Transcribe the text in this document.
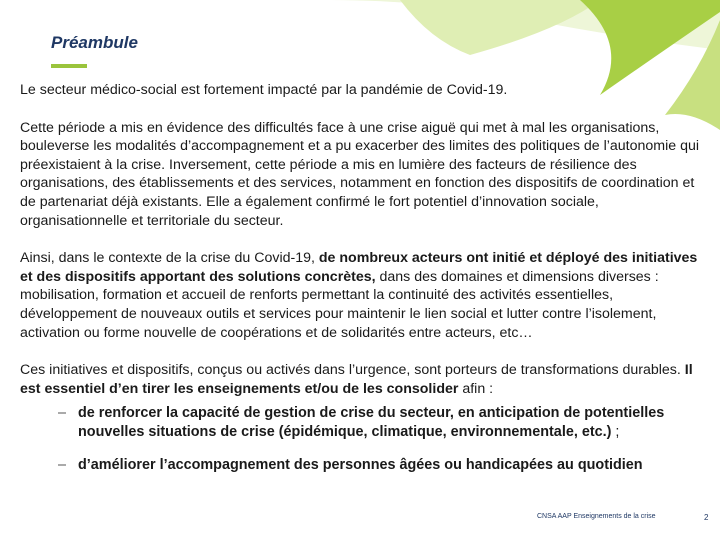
Préambule

Le secteur médico-social est fortement impacté par la pandémie de Covid-19.

Cette période a mis en évidence des difficultés face à une crise aiguë qui met à mal les organisations, bouleverse les modalités d’accompagnement et a pu exacerber des limites des politiques de l’autonomie qui préexistaient à la crise. Inversement, cette période a mis en lumière des facteurs de résilience des organisations, des établissements et des services, notamment en fonction des dispositifs de coordination et de partenariat déjà existants. Elle a également confirmé le fort potentiel d’innovation sociale, organisationnelle et territoriale du secteur.

Ainsi, dans le contexte de la crise du Covid-19, de nombreux acteurs ont initié et déployé des initiatives et des dispositifs apportant des solutions concrètes, dans des domaines et dimensions diverses : mobilisation, formation et accueil de renforts permettant la continuité des activités essentielles, développement de nouveaux outils et services pour maintenir le lien social et lutter contre l’isolement, activation ou forme nouvelle de coopérations et de solidarités entre acteurs, etc…

Ces initiatives et dispositifs, conçus ou activés dans l’urgence, sont porteurs de transformations durables. Il est essentiel d’en tirer les enseignements et/ou de les consolider afin :

– de renforcer la capacité de gestion de crise du secteur, en anticipation de potentielles nouvelles situations de crise (épidémique, climatique, environnementale, etc.) ;
– d’améliorer l’accompagnement des personnes âgées ou handicapées au quotidien
CNSA AAP Enseignements de la crise	2
